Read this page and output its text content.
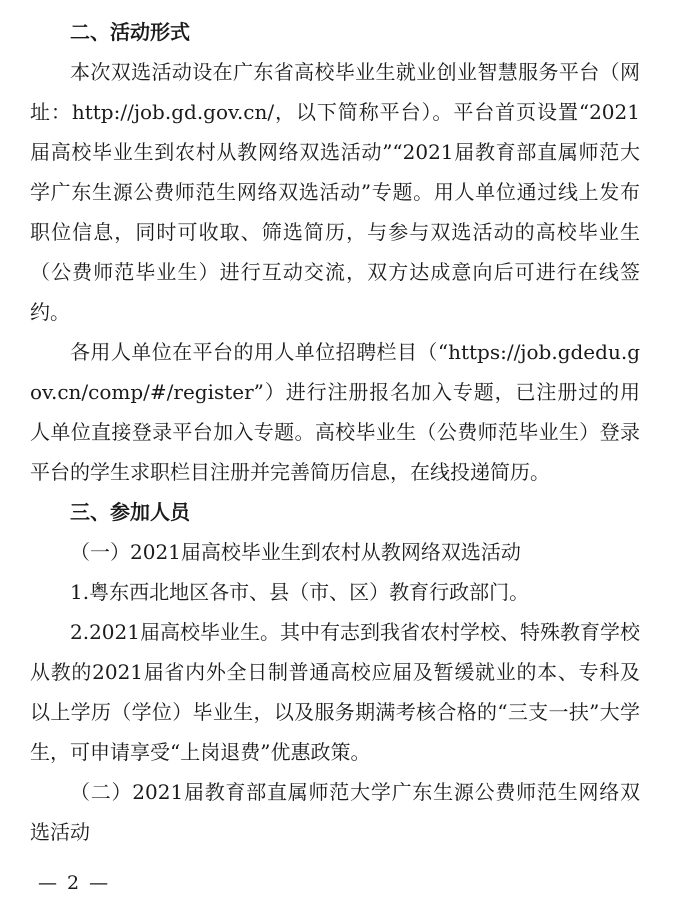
二、活动形式

本次双选活动设在广东省高校毕业生就业创业智慧服务平台（网址：http://job.gd.gov.cn/，以下简称平台）。平台首页设置“2021届高校毕业生到农村从教网络双选活动”“2021届教育部直属师范大学广东生源公费师范生网络双选活动”专题。用人单位通过线上发布职位信息，同时可收取、筛选简历，与参与双选活动的高校毕业生（公费师范毕业生）进行互动交流，双方达成意向后可进行在线签约。

各用人单位在平台的用人单位招聘栏目（“https://job.gdedu.gov.cn/comp/#/register”）进行注册报名加入专题，已注册过的用人单位直接登录平台加入专题。高校毕业生（公费师范毕业生）登录平台的学生求职栏目注册并完善简历信息，在线投递简历。

三、参加人员

（一）2021届高校毕业生到农村从教网络双选活动

1.粤东西北地区各市、县（市、区）教育行政部门。

2.2021届高校毕业生。其中有志到我省农村学校、特殊教育学校从教的2021届省内外全日制普通高校应届及暂缓就业的本、专科及以上学历（学位）毕业生，以及服务期满考核合格的“三支一扶”大学生，可申请享受“上岗退费”优惠政策。

（二）2021届教育部直属师范大学广东生源公费师范生网络双选活动

— 2 —
